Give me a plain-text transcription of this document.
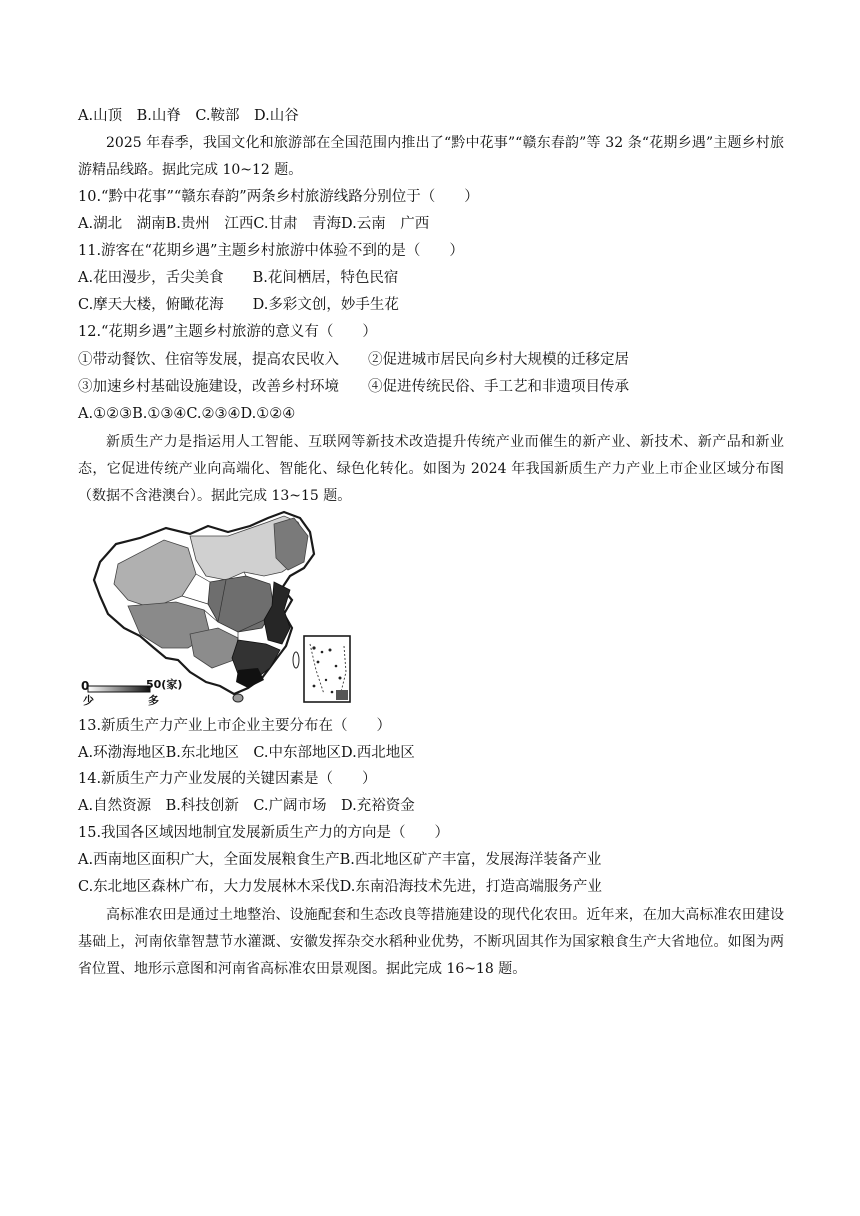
A.山顶　B.山脊　C.鞍部　D.山谷
2025 年春季，我国文化和旅游部在全国范围内推出了“黔中花事”“赣东春韵”等 32 条“花期乡遇”主题乡村旅游精品线路。据此完成 10~12 题。
10.“黔中花事”“赣东春韵”两条乡村旅游线路分别位于（　　）
A.湖北　湖南B.贵州　江西C.甘肃　青海D.云南　广西
11.游客在“花期乡遇”主题乡村旅游中体验不到的是（　　）
A.花田漫步，舌尖美食　　B.花间栖居，特色民宿
C.摩天大楼，俯瞰花海　　D.多彩文创，妙手生花
12.“花期乡遇”主题乡村旅游的意义有（　　）
①带动餐饮、住宿等发展，提高农民收入　　②促进城市居民向乡村大规模的迁移定居
③加速乡村基础设施建设，改善乡村环境　　④促进传统民俗、手工艺和非遗项目传承
A.①②③B.①③④C.②③④D.①②④
新质生产力是指运用人工智能、互联网等新技术改造提升传统产业而催生的新产业、新技术、新产品和新业态，它促进传统产业向高端化、智能化、绿色化转化。如图为 2024 年我国新质生产力产业上市企业区域分布图（数据不含港澳台）。据此完成 13~15 题。
0	50(家)
少	多
13.新质生产力产业上市企业主要分布在（　　）
A.环渤海地区B.东北地区　C.中东部地区D.西北地区
14.新质生产力产业发展的关键因素是（　　）
A.自然资源　B.科技创新　C.广阔市场　D.充裕资金
15.我国各区域因地制宜发展新质生产力的方向是（　　）
A.西南地区面积广大，全面发展粮食生产B.西北地区矿产丰富，发展海洋装备产业
C.东北地区森林广布，大力发展林木采伐D.东南沿海技术先进，打造高端服务产业
高标准农田是通过土地整治、设施配套和生态改良等措施建设的现代化农田。近年来，在加大高标准农田建设基础上，河南依靠智慧节水灌溉、安徽发挥杂交水稻种业优势，不断巩固其作为国家粮食生产大省地位。如图为两省位置、地形示意图和河南省高标准农田景观图。据此完成 16~18 题。
